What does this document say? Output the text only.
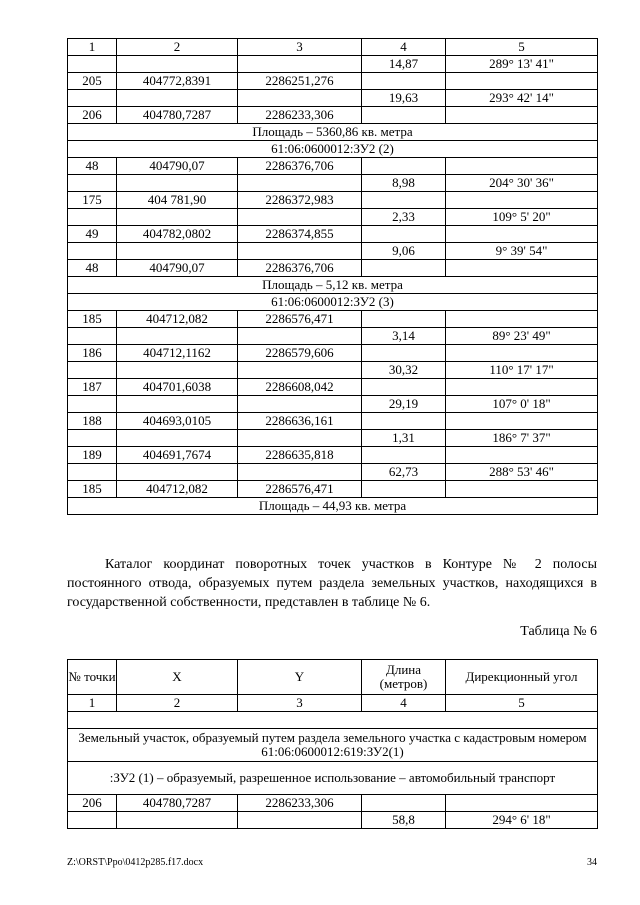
1	2	3	4	5
			14,87	289° 13' 41"
205	404772,8391	2286251,276		
			19,63	293° 42' 14"
206	404780,7287	2286233,306		
Площадь – 5360,86 кв. метра				
61:06:0600012:ЗУ2 (2)				
48	404790,07	2286376,706		
			8,98	204° 30' 36"
175	404 781,90	2286372,983		
			2,33	109° 5' 20"
49	404782,0802	2286374,855		
			9,06	9° 39' 54"
48	404790,07	2286376,706		
Площадь – 5,12 кв. метра				
61:06:0600012:ЗУ2 (3)				
185	404712,082	2286576,471		
			3,14	89° 23' 49"
186	404712,1162	2286579,606		
			30,32	110° 17' 17"
187	404701,6038	2286608,042		
			29,19	107° 0' 18"
188	404693,0105	2286636,161		
			1,31	186° 7' 37"
189	404691,7674	2286635,818		
			62,73	288° 53' 46"
185	404712,082	2286576,471		
Площадь – 44,93 кв. метра				
Каталог координат поворотных точек участков в Контуре № 2 полосы постоянного отвода, образуемых путем раздела земельных участков, находящихся в государственной собственности, представлен в таблице № 6.
Таблица № 6
№ точки	X	Y	Длина (метров)	Дирекционный угол
1	2	3	4	5

Земельный участок, образуемый путем раздела земельного участка с кадастровым номером 61:06:0600012:619:ЗУ2(1)				
:ЗУ2 (1) – образуемый, разрешенное использование – автомобильный транспорт				
206	404780,7287	2286233,306		
			58,8	294° 6' 18"
Z:\ORST\Ppo\0412p285.f17.docx	34
